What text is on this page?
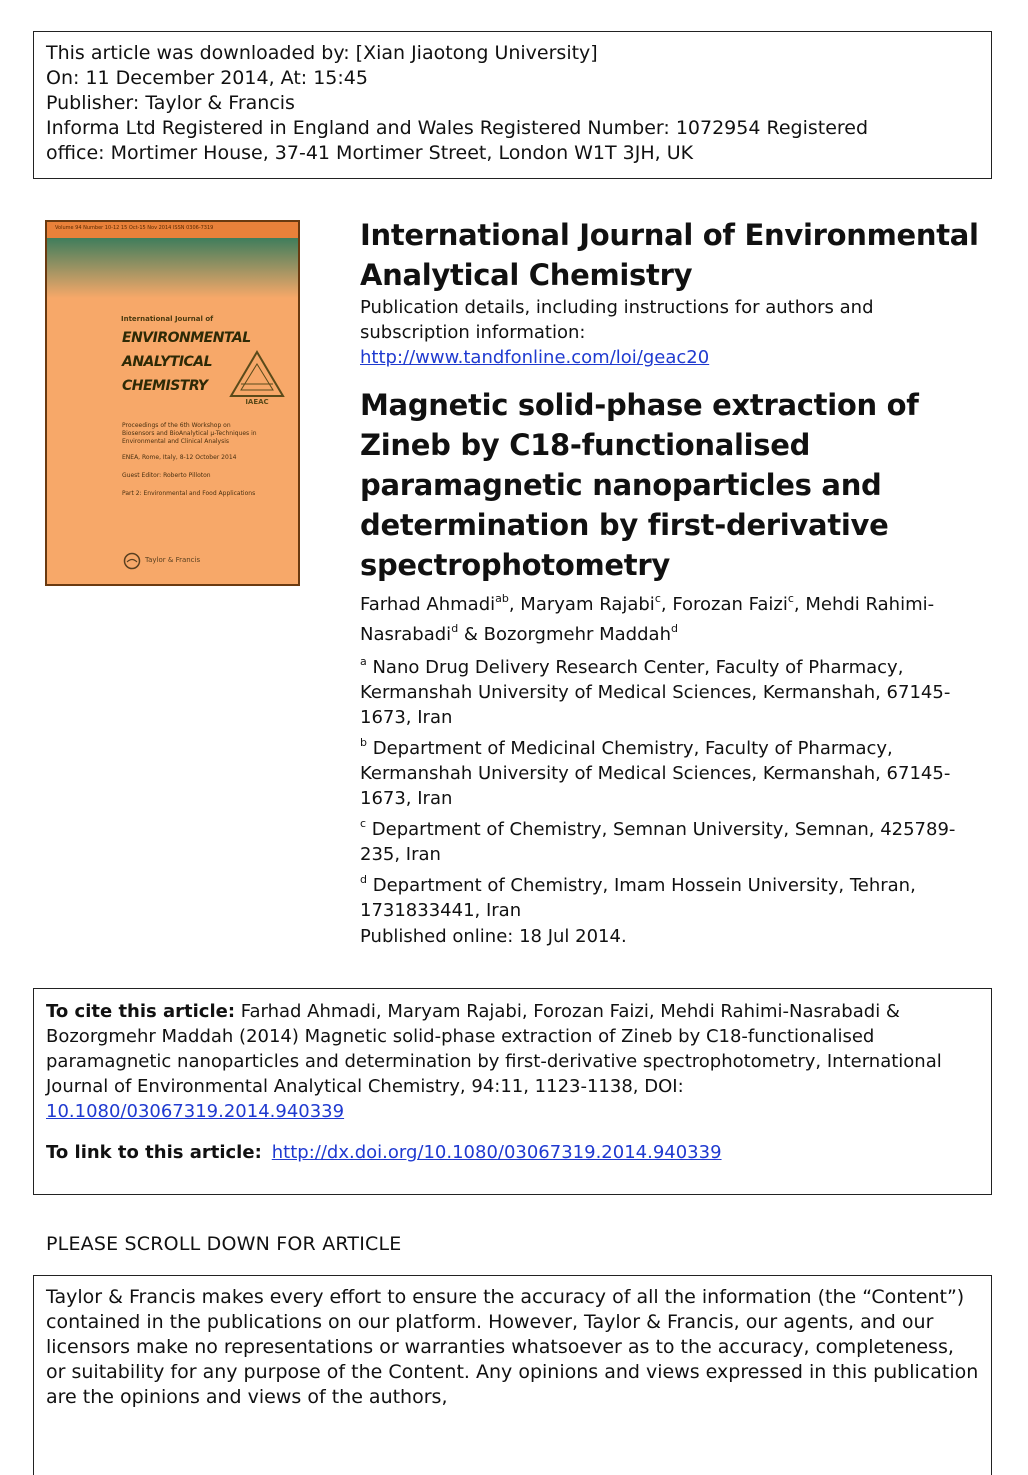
This article was downloaded by: [Xian Jiaotong University]
On: 11 December 2014, At: 15:45
Publisher: Taylor & Francis
Informa Ltd Registered in England and Wales Registered Number: 1072954 Registered
office: Mortimer House, 37-41 Mortimer Street, London W1T 3JH, UK
Volume 94 Number 10-12 15 Oct-15 Nov 2014 ISSN 0306-7319
International Journal of
ENVIRONMENTAL
ANALYTICAL
CHEMISTRY
IAEAC
Proceedings of the 6th Workshop on
Biosensors and BioAnalytical µ-Techniques in
Environmental and Clinical Analysis
ENEA, Rome, Italy, 8-12 October 2014
Guest Editor: Roberto Pilloton
Part 2: Environmental and Food Applications
Taylor & Francis
International Journal of Environmental Analytical Chemistry
Publication details, including instructions for authors and subscription information:
http://www.tandfonline.com/loi/geac20
Magnetic solid-phase extraction of Zineb by C18-functionalised paramagnetic nanoparticles and determination by first-derivative spectrophotometry
Farhad Ahmadi$^{ab}$, Maryam Rajabi$^c$, Forozan Faizi$^c$, Mehdi Rahimi-Nasrabadi$^d$ & Bozorgmehr Maddah$^d$
$^a$ Nano Drug Delivery Research Center, Faculty of Pharmacy, Kermanshah University of Medical Sciences, Kermanshah, 67145-1673, Iran
$^b$ Department of Medicinal Chemistry, Faculty of Pharmacy, Kermanshah University of Medical Sciences, Kermanshah, 67145-1673, Iran
$^c$ Department of Chemistry, Semnan University, Semnan, 425789-235, Iran
$^d$ Department of Chemistry, Imam Hossein University, Tehran, 1731833441, Iran
Published online: 18 Jul 2014.
To cite this article: Farhad Ahmadi, Maryam Rajabi, Forozan Faizi, Mehdi Rahimi-Nasrabadi & Bozorgmehr Maddah (2014) Magnetic solid-phase extraction of Zineb by C18-functionalised paramagnetic nanoparticles and determination by first-derivative spectrophotometry, International Journal of Environmental Analytical Chemistry, 94:11, 1123-1138, DOI: 10.1080/03067319.2014.940339
To link to this article: http://dx.doi.org/10.1080/03067319.2014.940339
PLEASE SCROLL DOWN FOR ARTICLE
Taylor & Francis makes every effort to ensure the accuracy of all the information (the “Content”) contained in the publications on our platform. However, Taylor & Francis, our agents, and our licensors make no representations or warranties whatsoever as to the accuracy, completeness, or suitability for any purpose of the Content. Any opinions and views expressed in this publication are the opinions and views of the authors,
